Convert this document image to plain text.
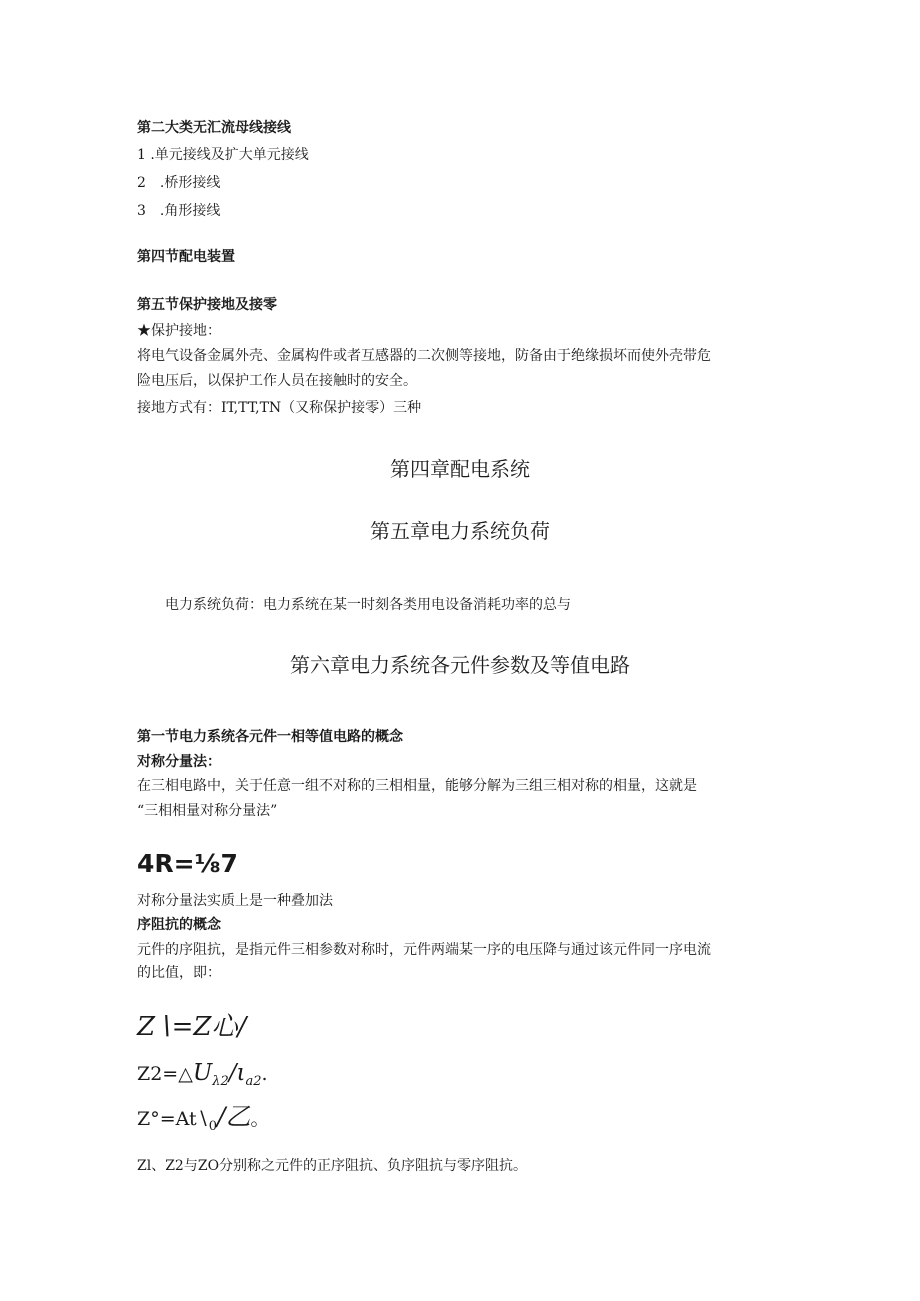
第二大类无汇流母线接线

1 .单元接线及扩大单元接线

2　.桥形接线

3　.角形接线

第四节配电装置

第五节保护接地及接零

★保护接地：

将电气设备金属外壳、金属构件或者互感器的二次侧等接地，防备由于绝缘损坏而使外壳带危

险电压后，以保护工作人员在接触时的安全。

接地方式有：IT,TT,TN（又称保护接零）三种

第四章配电系统

第五章电力系统负荷

电力系统负荷：电力系统在某一时刻各类用电设备消耗功率的总与

第六章电力系统各元件参数及等值电路

第一节电力系统各元件一相等值电路的概念

对称分量法：

在三相电路中，关于任意一组不对称的三相相量，能够分解为三组三相对称的相量，这就是

“三相相量对称分量法”

4R=⅛7

对称分量法实质上是一种叠加法

序阻抗的概念

元件的序阻抗，是指元件三相参数对称时，元件两端某一序的电压降与通过该元件同一序电流

的比值，即：

Z∖=Z心/

$Z2=\triangle U_{\lambda 2}/\iota_{a2}$.

$Z^\circ=At∖_0/$乙。

Zl、Z2与ZO分别称之元件的正序阻抗、负序阻抗与零序阻抗。
